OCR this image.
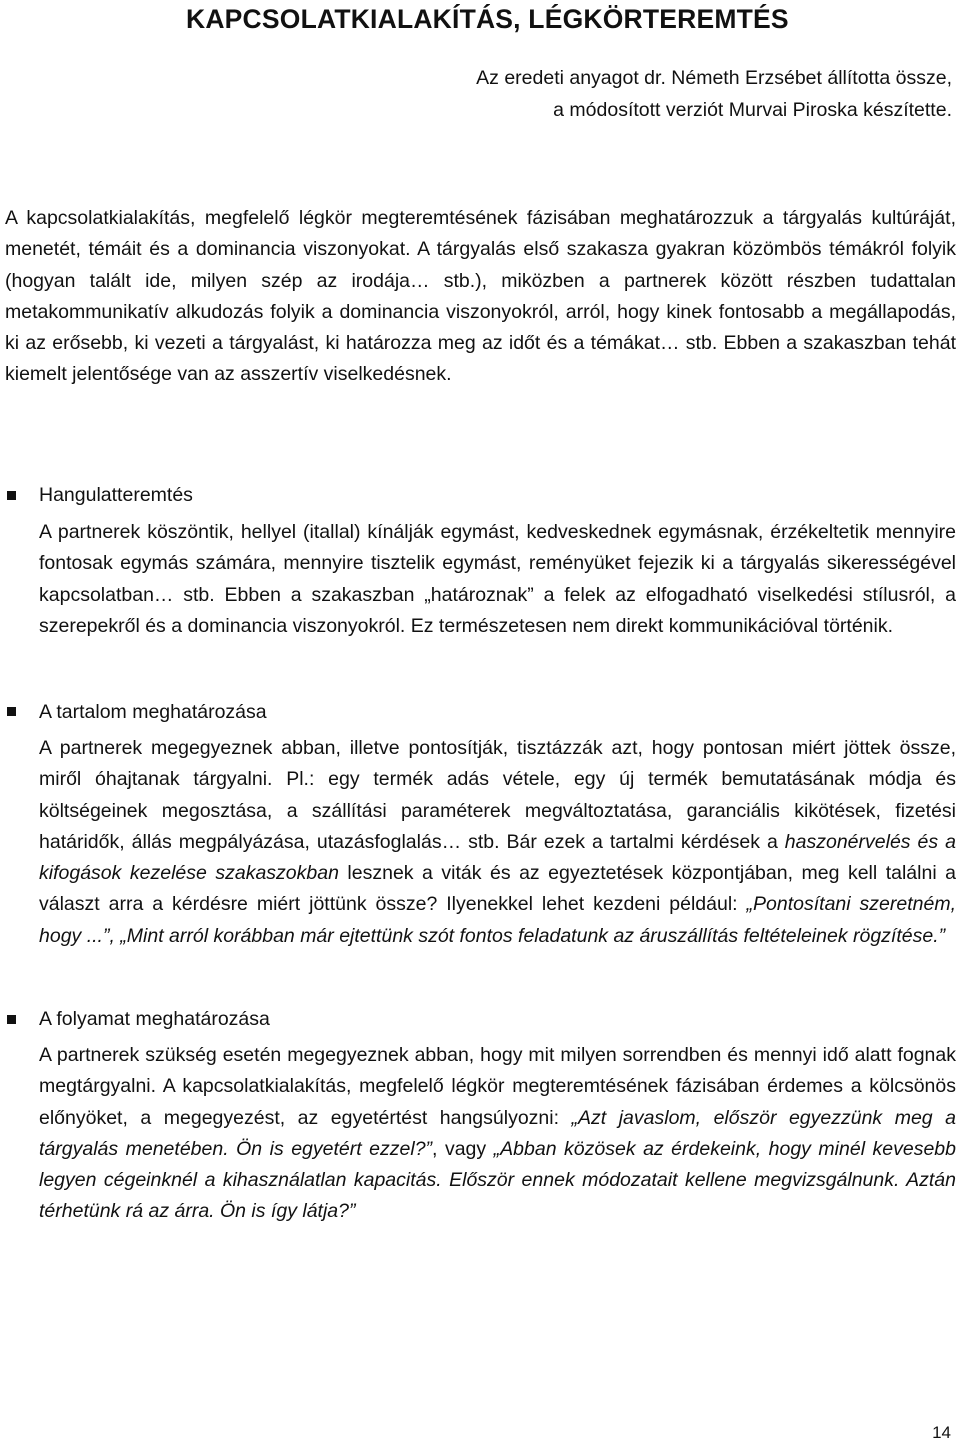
KAPCSOLATKIALAKÍTÁS, LÉGKÖRTEREMTÉS

Az eredeti anyagot dr. Németh Erzsébet állította össze,

a módosított verziót Murvai Piroska készítette.

A kapcsolatkialakítás, megfelelő légkör megteremtésének fázisában meghatározzuk a tárgyalás kultúráját, menetét, témáit és a dominancia viszonyokat. A tárgyalás első szakasza gyakran közömbös témákról folyik (hogyan talált ide, milyen szép az irodája… stb.), miközben a partnerek között részben tudattalan metakommunikatív alkudozás folyik a dominancia viszonyokról, arról, hogy kinek fontosabb a megállapodás, ki az erősebb, ki vezeti a tárgyalást, ki határozza meg az időt és a témákat… stb. Ebben a szakaszban tehát kiemelt jelentősége van az asszertív viselkedésnek.

Hangulatteremtés

A partnerek köszöntik, hellyel (itallal) kínálják egymást, kedveskednek egymásnak, érzékeltetik mennyire fontosak egymás számára, mennyire tisztelik egymást, reményüket fejezik ki a tárgyalás sikerességével kapcsolatban… stb. Ebben a szakaszban „határoznak” a felek az elfogadható viselkedési stílusról, a szerepekről és a dominancia viszonyokról. Ez természetesen nem direkt kommunikációval történik.

A tartalom meghatározása

A partnerek megegyeznek abban, illetve pontosítják, tisztázzák azt, hogy pontosan miért jöttek össze, miről óhajtanak tárgyalni. Pl.: egy termék adás vétele, egy új termék bemutatásának módja és költségeinek megosztása, a szállítási paraméterek megváltoztatása, garanciális kikötések, fizetési határidők, állás megpályázása, utazásfoglalás… stb. Bár ezek a tartalmi kérdések a haszonérvelés és a kifogások kezelése szakaszokban lesznek a viták és az egyeztetések központjában, meg kell találni a választ arra a kérdésre miért jöttünk össze? Ilyenekkel lehet kezdeni például: „Pontosítani szeretném, hogy ...”, „Mint arról korábban már ejtettünk szót fontos feladatunk az áruszállítás feltételeinek rögzítése.”

A folyamat meghatározása

A partnerek szükség esetén megegyeznek abban, hogy mit milyen sorrendben és mennyi idő alatt fognak megtárgyalni. A kapcsolatkialakítás, megfelelő légkör megteremtésének fázisában érdemes a kölcsönös előnyöket, a megegyezést, az egyetértést hangsúlyozni: „Azt javaslom, először egyezzünk meg a tárgyalás menetében. Ön is egyetért ezzel?”, vagy „Abban közösek az érdekeink, hogy minél kevesebb legyen cégeinknél a kihasználatlan kapacitás. Először ennek módozatait kellene megvizsgálnunk. Aztán térhetünk rá az árra. Ön is így látja?”

14
